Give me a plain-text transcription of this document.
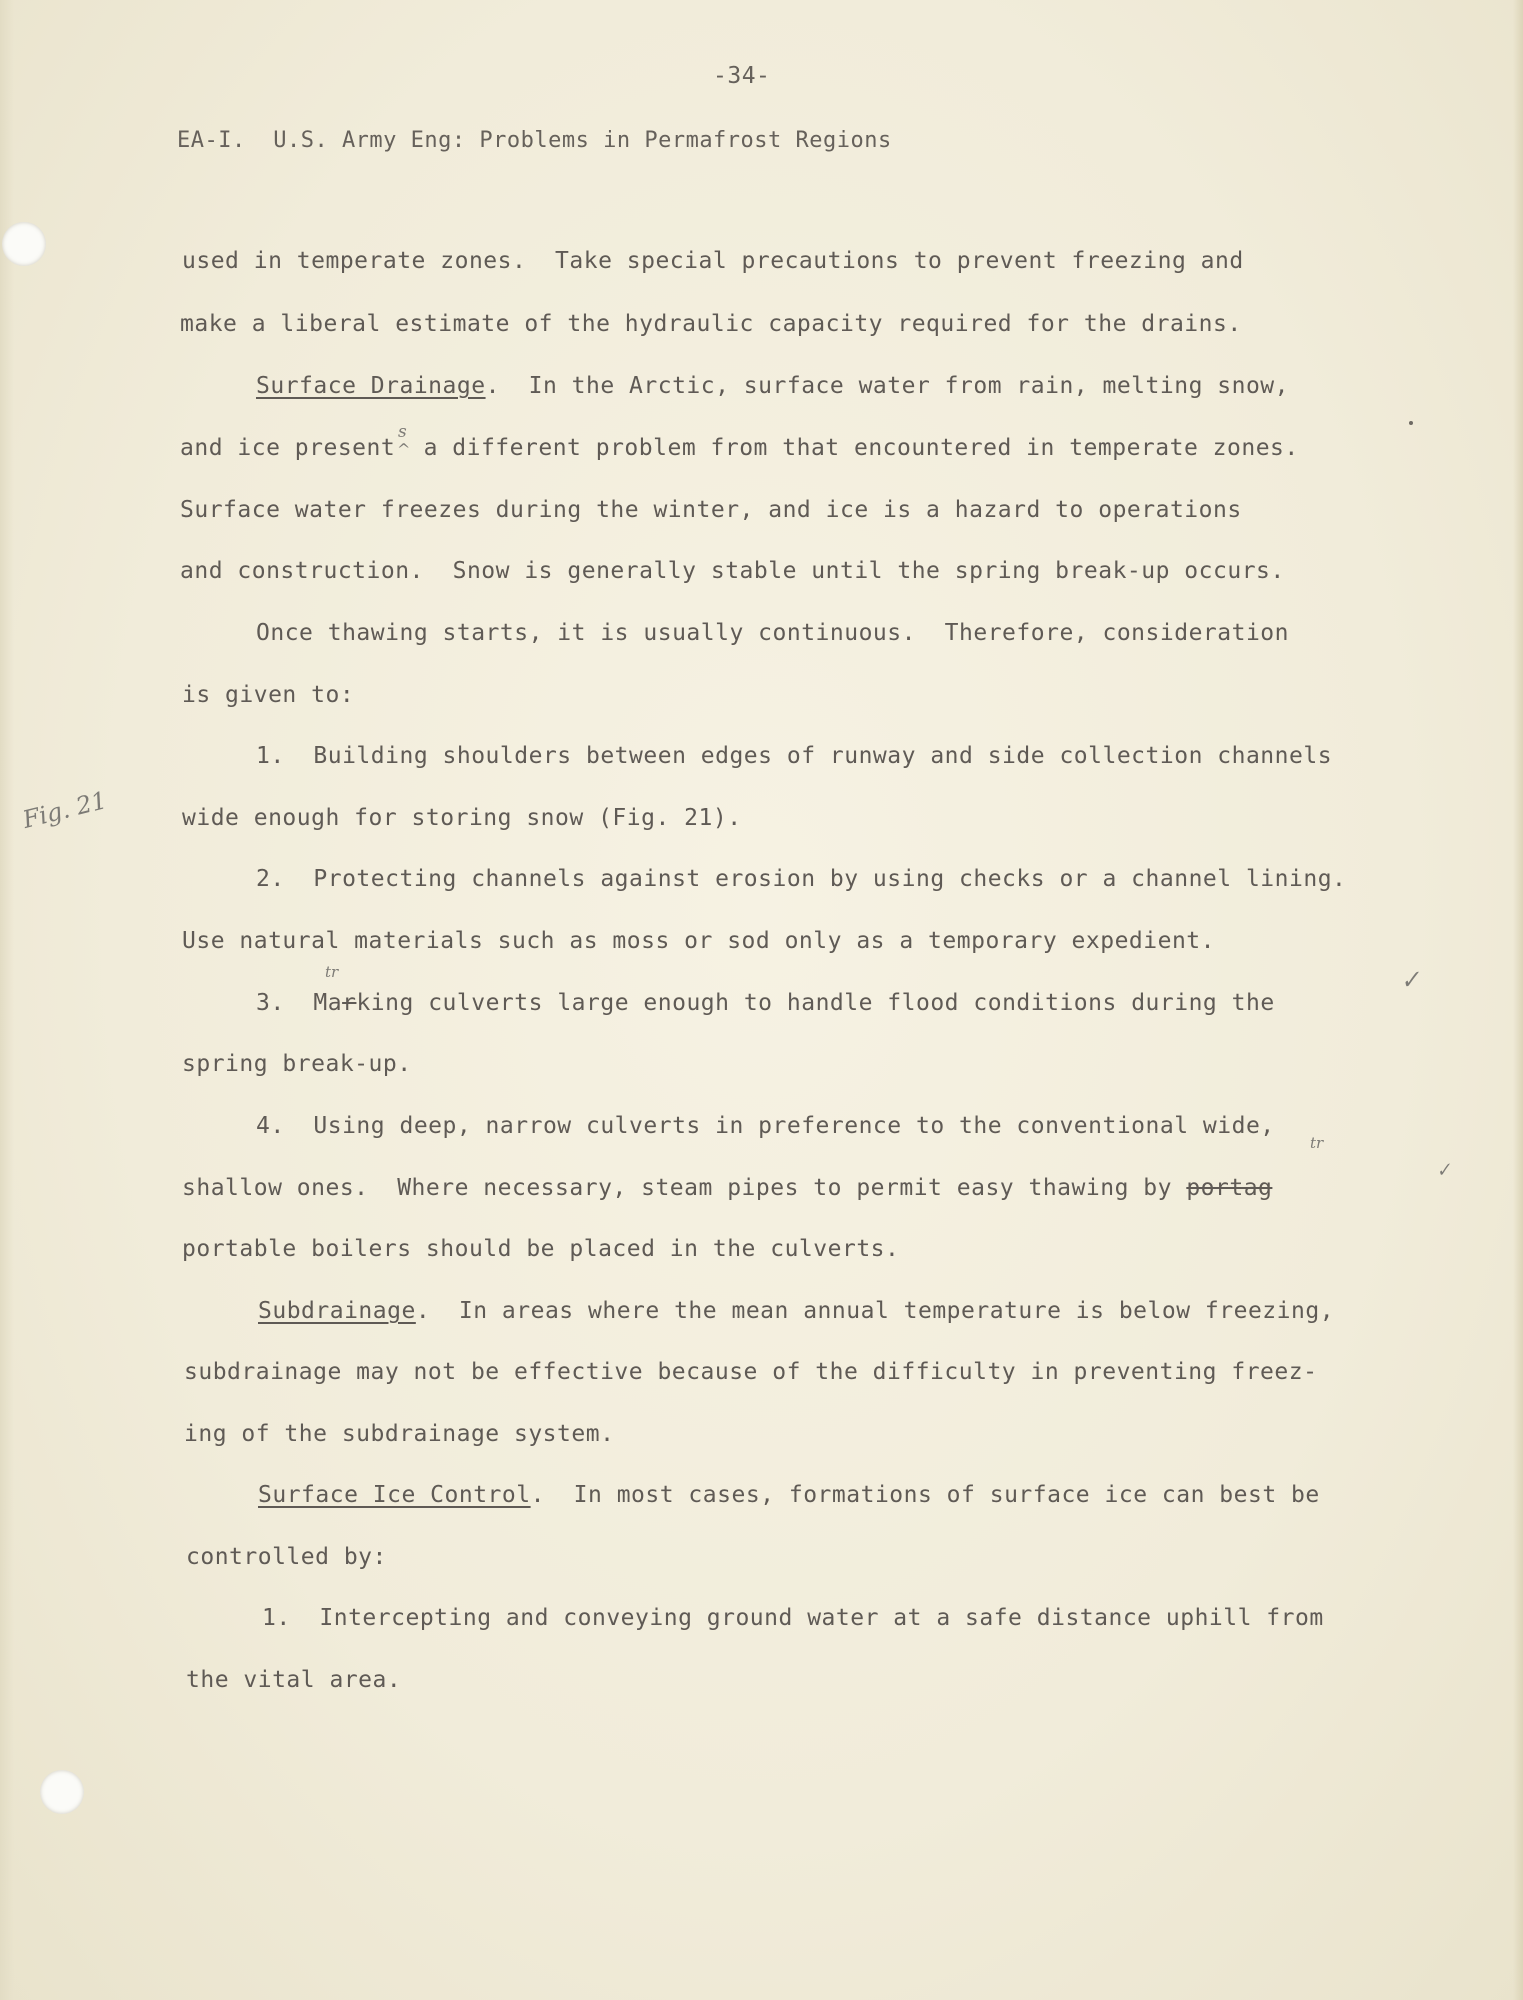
-34-
EA-I.  U.S. Army Eng: Problems in Permafrost Regions
used in temperate zones.  Take special precautions to prevent freezing and
make a liberal estimate of the hydraulic capacity required for the drains.
Surface Drainage.  In the Arctic, surface water from rain, melting snow,
and ice present a different problem from that encountered in temperate zones.
s
^
Surface water freezes during the winter, and ice is a hazard to operations
and construction.  Snow is generally stable until the spring break-up occurs.
Once thawing starts, it is usually continuous.  Therefore, consideration
is given to:
1.  Building shoulders between edges of runway and side collection channels
wide enough for storing snow (Fig. 21).
2.  Protecting channels against erosion by using checks or a channel lining.
Use natural materials such as moss or sod only as a temporary expedient.
3.  Marking culverts large enough to handle flood conditions during the
tr
spring break-up.
4.  Using deep, narrow culverts in preference to the conventional wide,
shallow ones.  Where necessary, steam pipes to permit easy thawing by portag
tr
portable boilers should be placed in the culverts.
Subdrainage.  In areas where the mean annual temperature is below freezing,
subdrainage may not be effective because of the difficulty in preventing freez-
ing of the subdrainage system.
Surface Ice Control.  In most cases, formations of surface ice can best be
controlled by:
1.  Intercepting and conveying ground water at a safe distance uphill from
the vital area.
Fig. 21
✓
✓
